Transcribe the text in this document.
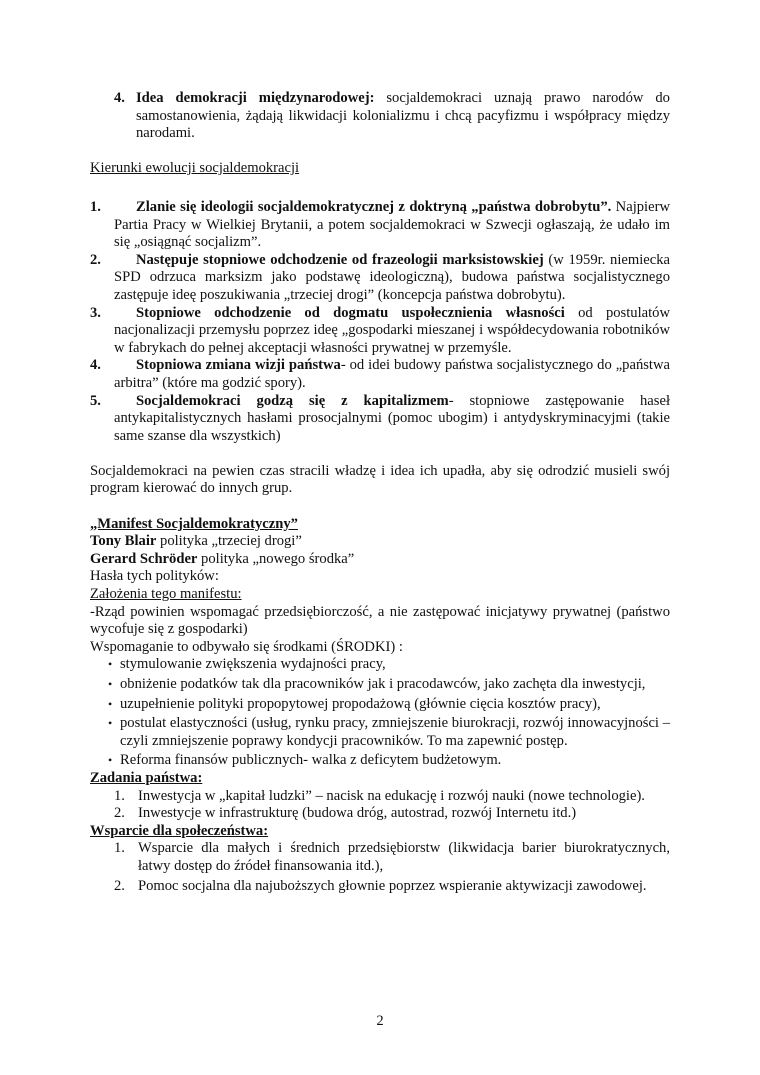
4. Idea demokracji międzynarodowej: socjaldemokraci uznają prawo narodów do samostanowienia, żądają likwidacji kolonializmu i chcą pacyfizmu i współpracy między narodami.

Kierunki ewolucji socjaldemokracji

1. Zlanie się ideologii socjaldemokratycznej z doktryną „państwa dobrobytu”. Najpierw Partia Pracy w Wielkiej Brytanii, a potem socjaldemokraci w Szwecji ogłaszają, że udało im się „osiągnąć socjalizm”.
2. Następuje stopniowe odchodzenie od frazeologii marksistowskiej (w 1959r. niemiecka SPD odrzuca marksizm jako podstawę ideologiczną), budowa państwa socjalistycznego zastępuje ideę poszukiwania „trzeciej drogi” (koncepcja państwa dobrobytu).
3. Stopniowe odchodzenie od dogmatu uspołecznienia własności od postulatów nacjonalizacji przemysłu poprzez ideę „gospodarki mieszanej i współdecydowania robotników w fabrykach do pełnej akceptacji własności prywatnej w przemyśle.
4. Stopniowa zmiana wizji państwa- od idei budowy państwa socjalistycznego do „państwa arbitra” (które ma godzić spory).
5. Socjaldemokraci godzą się z kapitalizmem- stopniowe zastępowanie haseł antykapitalistycznych hasłami prosocjalnymi (pomoc ubogim) i antydyskryminacyjmi (takie same szanse dla wszystkich)

Socjaldemokraci na pewien czas stracili władzę i idea ich upadła, aby się odrodzić musieli swój program kierować do innych grup.

„Manifest Socjaldemokratyczny”

Tony Blair polityka „trzeciej drogi”

Gerard Schröder polityka „nowego środka”

Hasła tych polityków:

Założenia tego manifestu:

-Rząd powinien wspomagać przedsiębiorczość, a nie zastępować inicjatywy prywatnej (państwo wycofuje się z gospodarki)

Wspomaganie to odbywało się środkami (ŚRODKI) :

• stymulowanie zwiększenia wydajności pracy,
• obniżenie podatków tak dla pracowników jak i pracodawców, jako zachęta dla inwestycji,
• uzupełnienie polityki propopytowej propodażową (głównie cięcia kosztów pracy),
• postulat elastyczności (usług, rynku pracy, zmniejszenie biurokracji, rozwój innowacyjności – czyli zmniejszenie poprawy kondycji pracowników. To ma zapewnić postęp.
• Reforma finansów publicznych- walka z deficytem budżetowym.

Zadania państwa:

1. Inwestycja w „kapitał ludzki” – nacisk na edukację i rozwój nauki (nowe technologie).
2. Inwestycje w infrastrukturę (budowa dróg, autostrad, rozwój Internetu itd.)

Wsparcie dla społeczeństwa:

1. Wsparcie dla małych i średnich przedsiębiorstw (likwidacja barier biurokratycznych, łatwy dostęp do źródeł finansowania itd.),
2. Pomoc socjalna dla najuboższych głownie poprzez wspieranie aktywizacji zawodowej.
2
